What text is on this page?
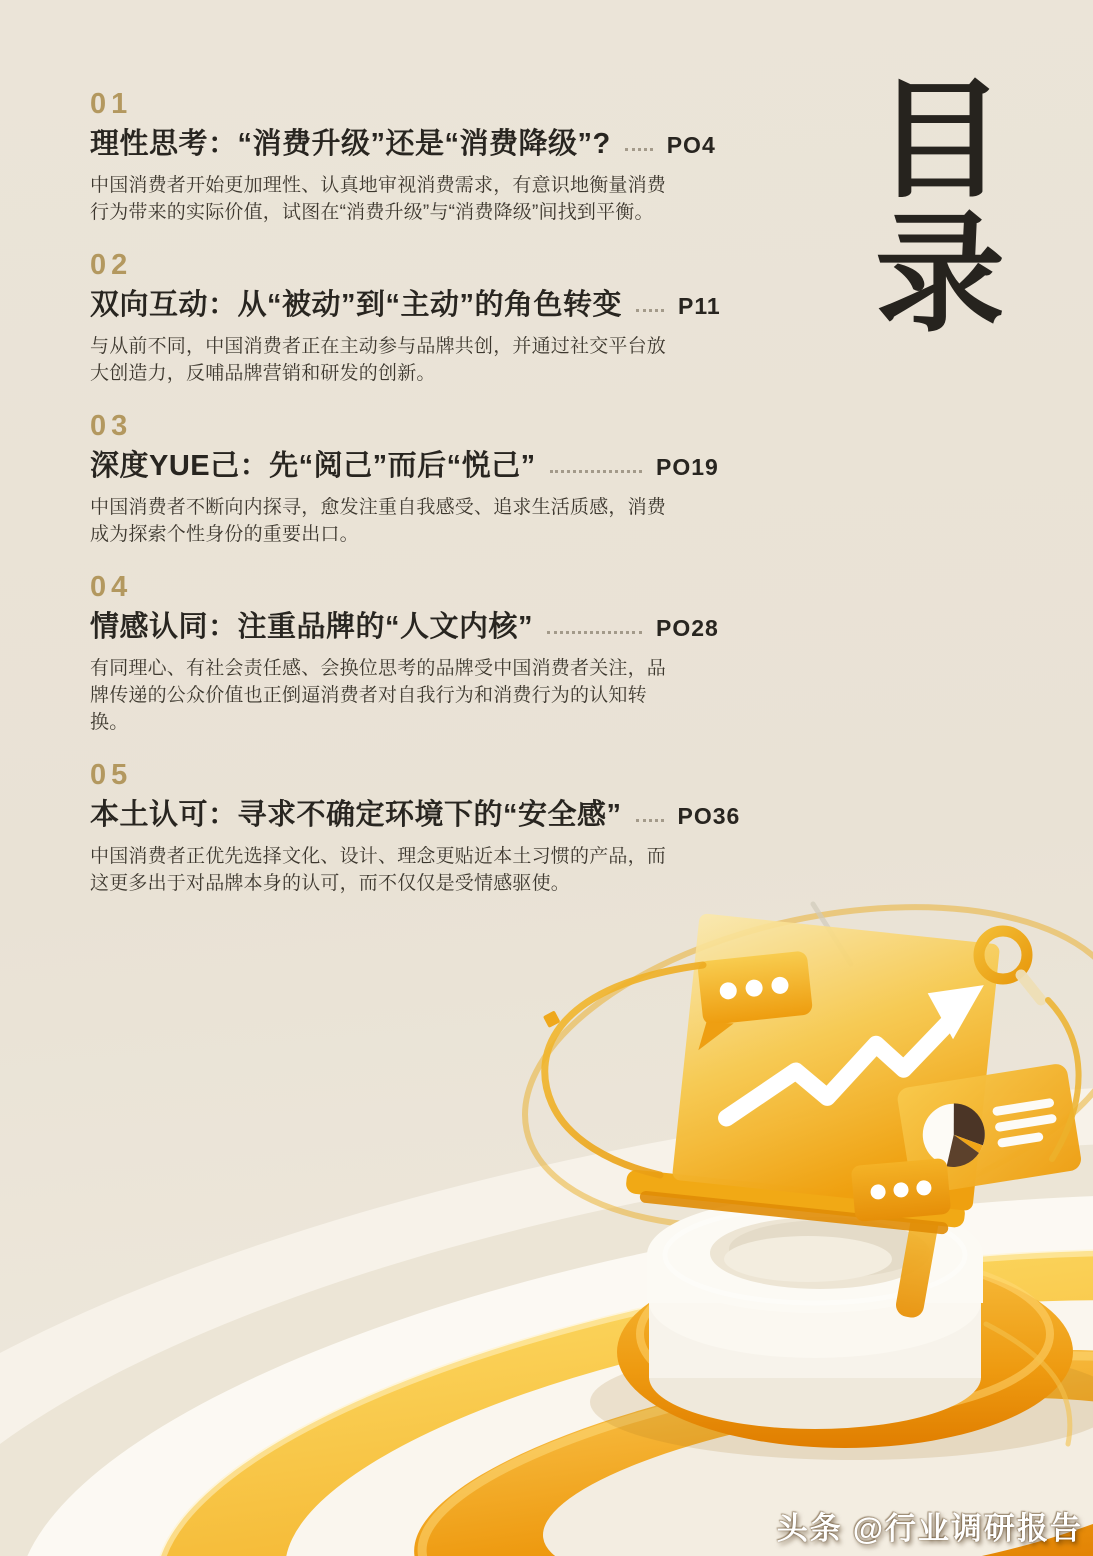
01
理性思考：“消费升级”还是“消费降级”? PO4

中国消费者开始更加理性、认真地审视消费需求，有意识地衡量消费行为带来的实际价值，试图在“消费升级”与“消费降级”间找到平衡。

02
双向互动：从“被动”到“主动”的角色转变 P11

与从前不同，中国消费者正在主动参与品牌共创，并通过社交平台放大创造力，反哺品牌营销和研发的创新。

03
深度YUE己：先“阅己”而后“悦己”	PO19

中国消费者不断向内探寻，愈发注重自我感受、追求生活质感，消费成为探索个性身份的重要出口。

04
情感认同：注重品牌的“人文内核”	PO28

有同理心、有社会责任感、会换位思考的品牌受中国消费者关注，品牌传递的公众价值也正倒逼消费者对自我行为和消费行为的认知转换。

05
本土认可：寻求不确定环境下的“安全感” PO36

中国消费者正优先选择文化、设计、理念更贴近本土习惯的产品，而这更多出于对品牌本身的认可，而不仅仅是受情感驱使。

目
录
头条 @行业调研报告
